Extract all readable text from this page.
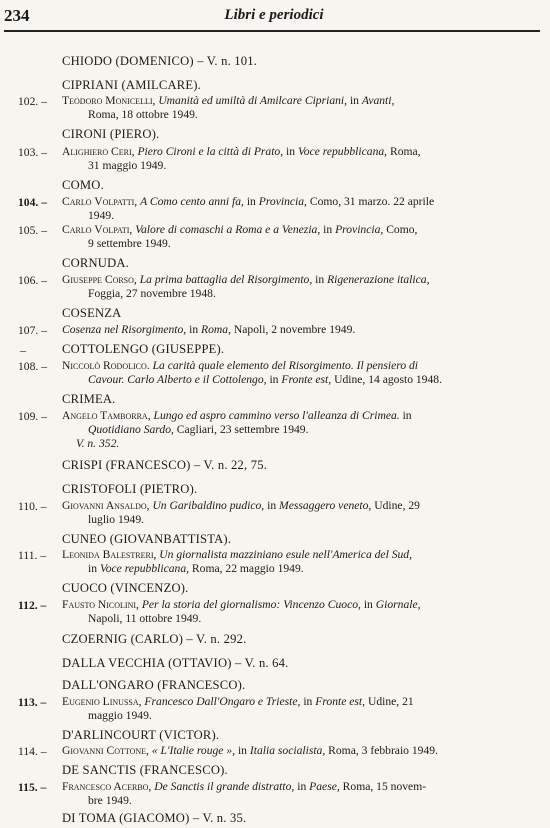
234	Libri e periodici
CHIODO (DOMENICO) – V. n. 101.
CIPRIANI (AMILCARE).
102. – Teodoro Monicelli, Umanità ed umiltà di Amilcare Cipriani, in Avanti,
Roma, 18 ottobre 1949.
CIRONI (PIERO).
103. – Alighiero Ceri, Piero Cironi e la città di Prato, in Voce repubblicana, Roma,
31 maggio 1949.
COMO.
104. – Carlo Volpatti, A Como cento anni fa, in Provincia, Como, 31 marzo. 22 aprile
1949.
105. – Carlo Volpati, Valore di comaschi a Roma e a Venezia, in Provincia, Como,
9 settembre 1949.
CORNUDA.
106. – Giuseppe Corso, La prima battaglia del Risorgimento, in Rigenerazione italica,
Foggia, 27 novembre 1948.
COSENZA
107. – Cosenza nel Risorgimento, in Roma, Napoli, 2 novembre 1949.
–	COTTOLENGO (GIUSEPPE).
108. – Niccolò Rodolico. La carità quale elemento del Risorgimento. Il pensiero di
Cavour. Carlo Alberto e il Cottolengo, in Fronte est, Udine, 14 agosto 1948.
CRIMEA.
109. – Angelo Tamborra, Lungo ed aspro cammino verso l'alleanza di Crimea. in
Quotidiano Sardo, Cagliari, 23 settembre 1949.
V. n. 352.
CRISPI (FRANCESCO) – V. n. 22, 75.
CRISTOFOLI (PIETRO).
110. – Giovanni Ansaldo, Un Garibaldino pudico, in Messaggero veneto, Udine, 29
luglio 1949.
CUNEO (GIOVANBATTISTA).
111. – Leonida Balestreri, Un giornalista mazziniano esule nell'America del Sud,
in Voce repubblicana, Roma, 22 maggio 1949.
CUOCO (VINCENZO).
112. – Fausto Nicolini, Per la storia del giornalismo: Vincenzo Cuoco, in Giornale,
Napoli, 11 ottobre 1949.
CZOERNIG (CARLO) – V. n. 292.
DALLA VECCHIA (OTTAVIO) – V. n. 64.
DALL'ONGARO (FRANCESCO).
113. – Eugenio Linussa, Francesco Dall'Ongaro e Trieste, in Fronte est, Udine, 21
maggio 1949.
D'ARLINCOURT (VICTOR).
114. – Giovanni Cottone, « L'Italie rouge », in Italia socialista, Roma, 3 febbraio 1949.
DE SANCTIS (FRANCESCO).
115. – Francesco Acerbo, De Sanctis il grande distratto, in Paese, Roma, 15 novem-
bre 1949.
DI TOMA (GIACOMO) – V. n. 35.
